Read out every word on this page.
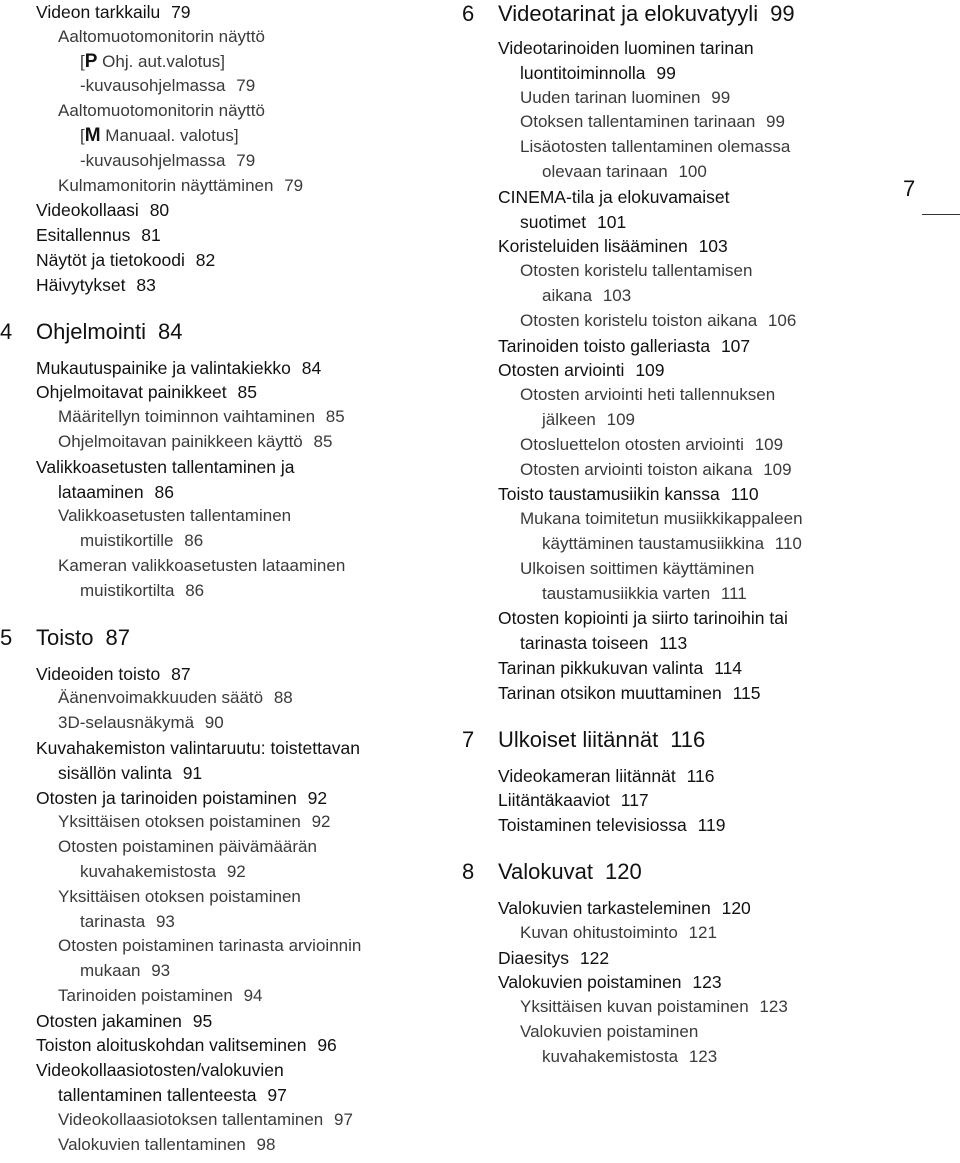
Videon tarkkailu 79
Aaltomuotomonitorin näyttö
[P Ohj. aut.valotus]
-kuvausohjelmassa 79
Aaltomuotomonitorin näyttö
[M Manuaal. valotus]
-kuvausohjelmassa 79
Kulmamonitorin näyttäminen 79
Videokollaasi 80
Esitallennus 81
Näytöt ja tietokoodi 82
Häivytykset 83
4	Ohjelmointi 84
Mukautuspainike ja valintakiekko 84
Ohjelmoitavat painikkeet 85
Määritellyn toiminnon vaihtaminen 85
Ohjelmoitavan painikkeen käyttö 85
Valikkoasetusten tallentaminen ja
lataaminen 86
Valikkoasetusten tallentaminen
muistikortille 86
Kameran valikkoasetusten lataaminen
muistikortilta 86
5	Toisto 87
Videoiden toisto 87
Äänenvoimakkuuden säätö 88
3D-selausnäkymä 90
Kuvahakemiston valintaruutu: toistettavan
sisällön valinta 91
Otosten ja tarinoiden poistaminen 92
Yksittäisen otoksen poistaminen 92
Otosten poistaminen päivämäärän
kuvahakemistosta 92
Yksittäisen otoksen poistaminen
tarinasta 93
Otosten poistaminen tarinasta arvioinnin
mukaan 93
Tarinoiden poistaminen 94
Otosten jakaminen 95
Toiston aloituskohdan valitseminen 96
Videokollaasiotosten/valokuvien
tallentaminen tallenteesta 97
Videokollaasiotoksen tallentaminen 97
Valokuvien tallentaminen 98
6	Videotarinat ja elokuvatyyli 99
Videotarinoiden luominen tarinan
luontitoiminnolla 99
Uuden tarinan luominen 99
Otoksen tallentaminen tarinaan 99
Lisäotosten tallentaminen olemassa
olevaan tarinaan 100
CINEMA-tila ja elokuvamaiset
suotimet 101
Koristeluiden lisääminen 103
Otosten koristelu tallentamisen
aikana 103
Otosten koristelu toiston aikana 106
Tarinoiden toisto galleriasta 107
Otosten arviointi 109
Otosten arviointi heti tallennuksen
jälkeen 109
Otosluettelon otosten arviointi 109
Otosten arviointi toiston aikana 109
Toisto taustamusiikin kanssa 110
Mukana toimitetun musiikkikappaleen
käyttäminen taustamusiikkina 110
Ulkoisen soittimen käyttäminen
taustamusiikkia varten 111
Otosten kopiointi ja siirto tarinoihin tai
tarinasta toiseen 113
Tarinan pikkukuvan valinta 114
Tarinan otsikon muuttaminen 115
7	Ulkoiset liitännät 116
Videokameran liitännät 116
Liitäntäkaaviot 117
Toistaminen televisiossa 119
8	Valokuvat 120
Valokuvien tarkasteleminen 120
Kuvan ohitustoiminto 121
Diaesitys 122
Valokuvien poistaminen 123
Yksittäisen kuvan poistaminen 123
Valokuvien poistaminen
kuvahakemistosta 123
7
